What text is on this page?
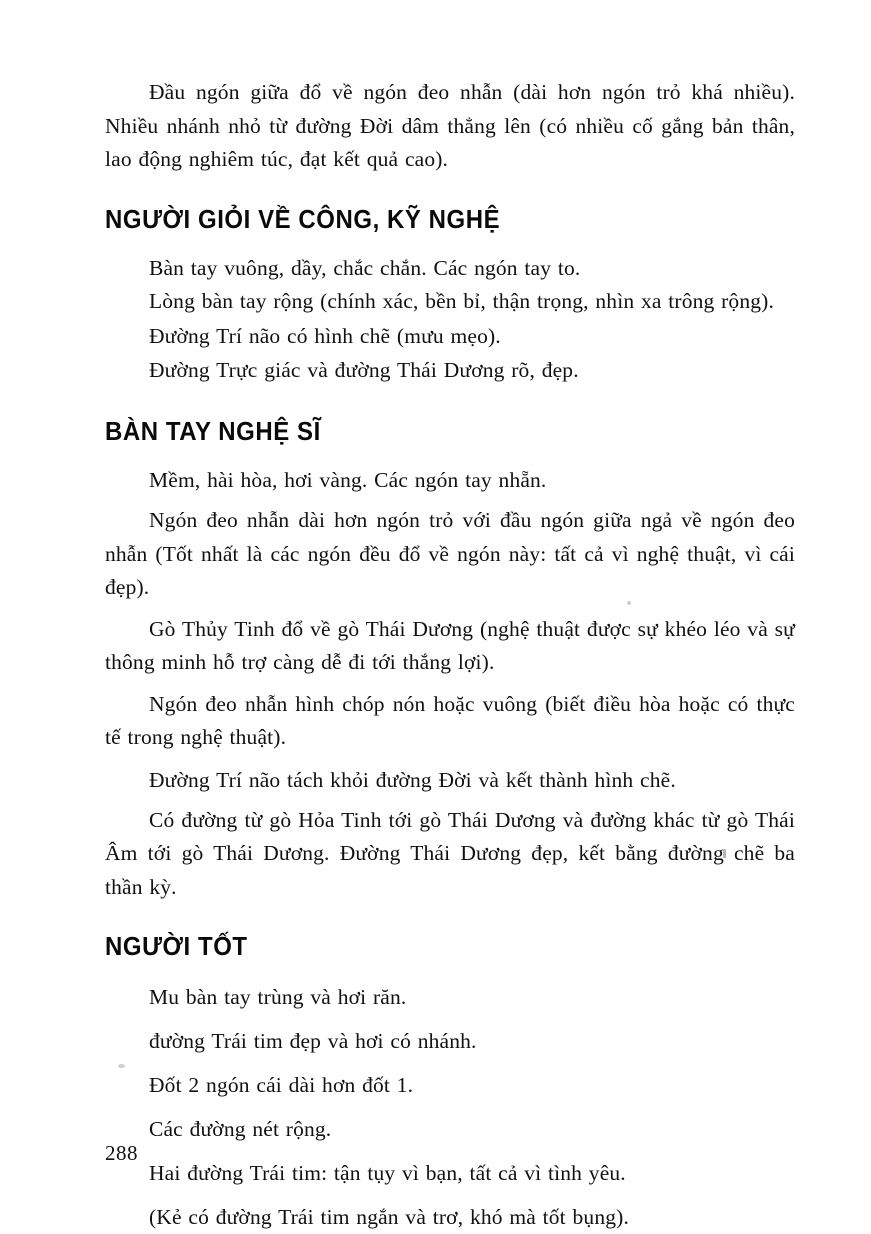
Đầu ngón giữa đổ về ngón đeo nhẫn (dài hơn ngón trỏ khá nhiều). Nhiều nhánh nhỏ từ đường Đời dâm thẳng lên (có nhiều cố gắng bản thân, lao động nghiêm túc, đạt kết quả cao).

NGƯỜI GIỎI VỀ CÔNG, KỸ NGHỆ

Bàn tay vuông, dầy, chắc chắn. Các ngón tay to.

Lòng bàn tay rộng (chính xác, bền bỉ, thận trọng, nhìn xa trông rộng).

Đường Trí não có hình chẽ (mưu mẹo).

Đường Trực giác và đường Thái Dương rõ, đẹp.

BÀN TAY NGHỆ SĨ

Mềm, hài hòa, hơi vàng. Các ngón tay nhẵn.

Ngón đeo nhẫn dài hơn ngón trỏ với đầu ngón giữa ngả về ngón đeo nhẫn (Tốt nhất là các ngón đều đổ về ngón này: tất cả vì nghệ thuật, vì cái đẹp).

Gò Thủy Tinh đổ về gò Thái Dương (nghệ thuật được sự khéo léo và sự thông minh hỗ trợ càng dễ đi tới thắng lợi).

Ngón đeo nhẫn hình chóp nón hoặc vuông (biết điều hòa hoặc có thực tế trong nghệ thuật).

Đường Trí não tách khỏi đường Đời và kết thành hình chẽ.

Có đường từ gò Hỏa Tinh tới gò Thái Dương và đường khác từ gò Thái Âm tới gò Thái Dương. Đường Thái Dương đẹp, kết bằng đường chẽ ba thần kỳ.

NGƯỜI TỐT

Mu bàn tay trùng và hơi răn.

đường Trái tim đẹp và hơi có nhánh.

Đốt 2 ngón cái dài hơn đốt 1.

Các đường nét rộng.

Hai đường Trái tim: tận tụy vì bạn, tất cả vì tình yêu.

(Kẻ có đường Trái tim ngắn và trơ, khó mà tốt bụng).

288
